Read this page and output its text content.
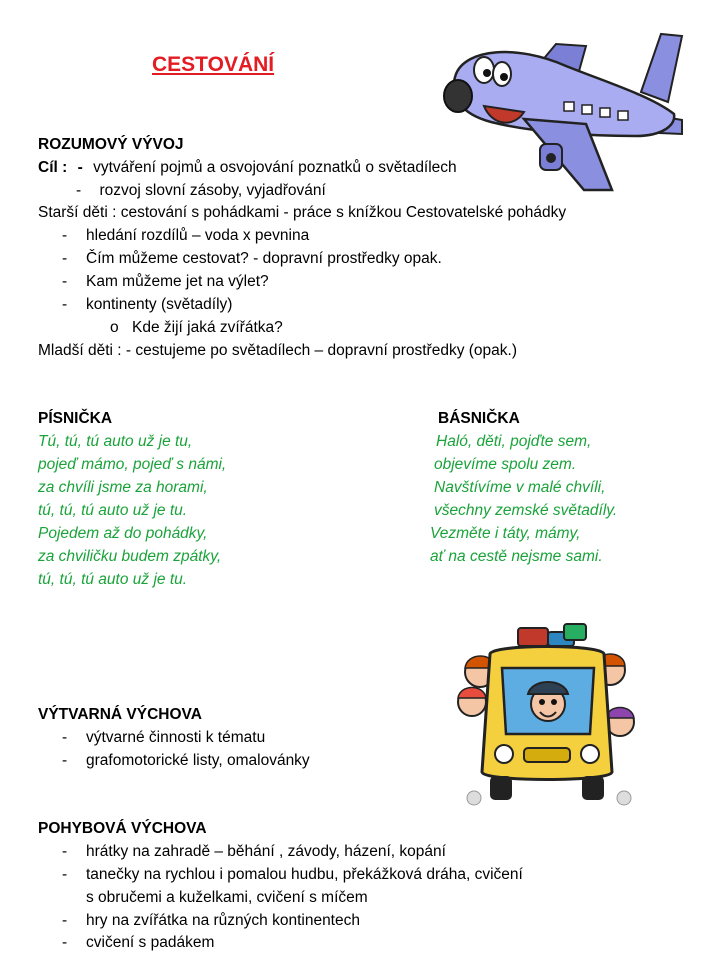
CESTOVÁNÍ
ROZUMOVÝ VÝVOJ
Cíl : - vytváření pojmů a osvojování poznatků o světadílech
- rozvoj slovní zásoby, vyjadřování
Starší děti : cestování s pohádkami - práce s knížkou Cestovatelské pohádky
- hledání rozdílů – voda x pevnina
- Čím můžeme cestovat? - dopravní prostředky opak.
- Kam můžeme jet na výlet?
- kontinenty (světadíly)
o Kde žijí jaká zvířátka?
Mladší děti : - cestujeme po světadílech – dopravní prostředky (opak.)
PÍSNIČKA
Tú, tú, tú auto už je tu,
pojeď mámo, pojeď s námi,
za chvíli jsme za horami,
tú, tú, tú auto už je tu.
Pojedem až do pohádky,
za chviličku budem zpátky,
tú, tú, tú auto už je tu.
BÁSNIČKA
Haló, děti, pojďte sem,
objevíme spolu zem.
Navštívíme v malé chvíli,
všechny zemské světadíly.
Vezměte i táty, mámy,
ať na cestě nejsme sami.
VÝTVARNÁ VÝCHOVA
- výtvarné činnosti k tématu
- grafomotorické listy, omalovánky
POHYBOVÁ VÝCHOVA
- hrátky na zahradě – běhání , závody, házení, kopání
- tanečky na rychlou i pomalou hudbu, překážková dráha, cvičení
s obručemi a kuželkami, cvičení s míčem
- hry na zvířátka na různých kontinentech
- cvičení s padákem
